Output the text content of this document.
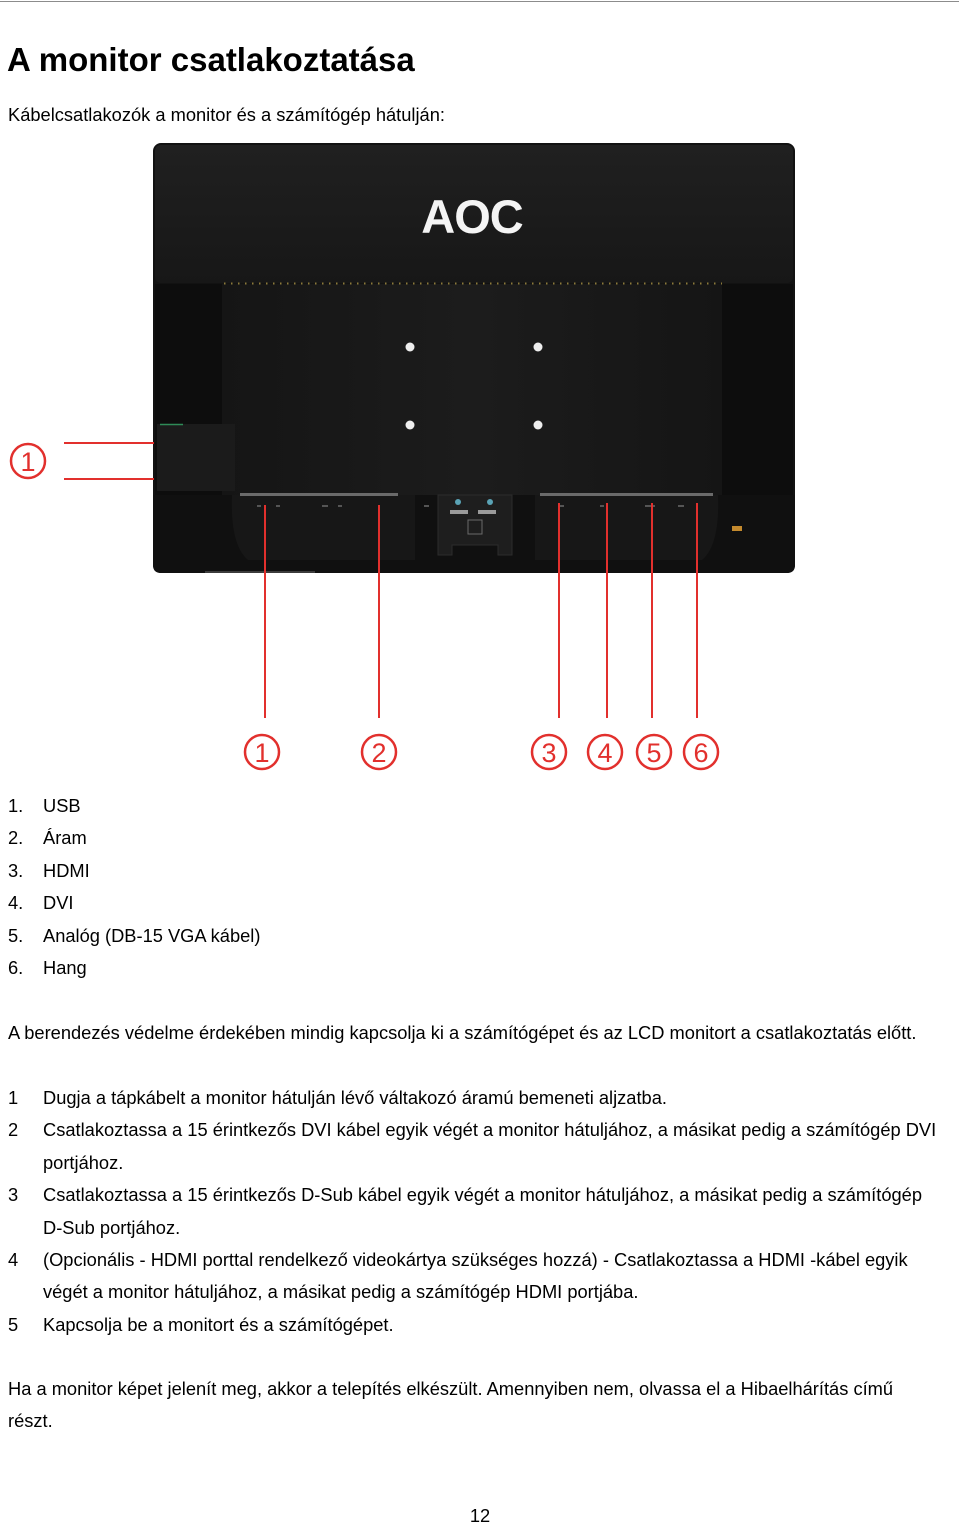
A monitor csatlakoztatása

Kábelcsatlakozók a monitor és a számítógép hátulján:

AOC
1
1	2	3 4 5 6
1.	USB
2.	Áram
3.	HDMI
4.	DVI
5.	Analóg (DB-15 VGA kábel)
6.	Hang

A berendezés védelme érdekében mindig kapcsolja ki a számítógépet és az LCD monitort a csatlakoztatás előtt.

1	Dugja a tápkábelt a monitor hátulján lévő váltakozó áramú bemeneti aljzatba.
2	Csatlakoztassa a 15 érintkezős DVI kábel egyik végét a monitor hátuljához, a másikat pedig a számítógép DVI
portjához.
3	Csatlakoztassa a 15 érintkezős D-Sub kábel egyik végét a monitor hátuljához, a másikat pedig a számítógép
D-Sub portjához.
4	(Opcionális - HDMI porttal rendelkező videokártya szükséges hozzá) - Csatlakoztassa a HDMI -kábel egyik
végét a monitor hátuljához, a másikat pedig a számítógép HDMI portjába.
5	Kapcsolja be a monitort és a számítógépet.
Ha a monitor képet jelenít meg, akkor a telepítés elkészült. Amennyiben nem, olvassa el a Hibaelhárítás című
részt.

12
